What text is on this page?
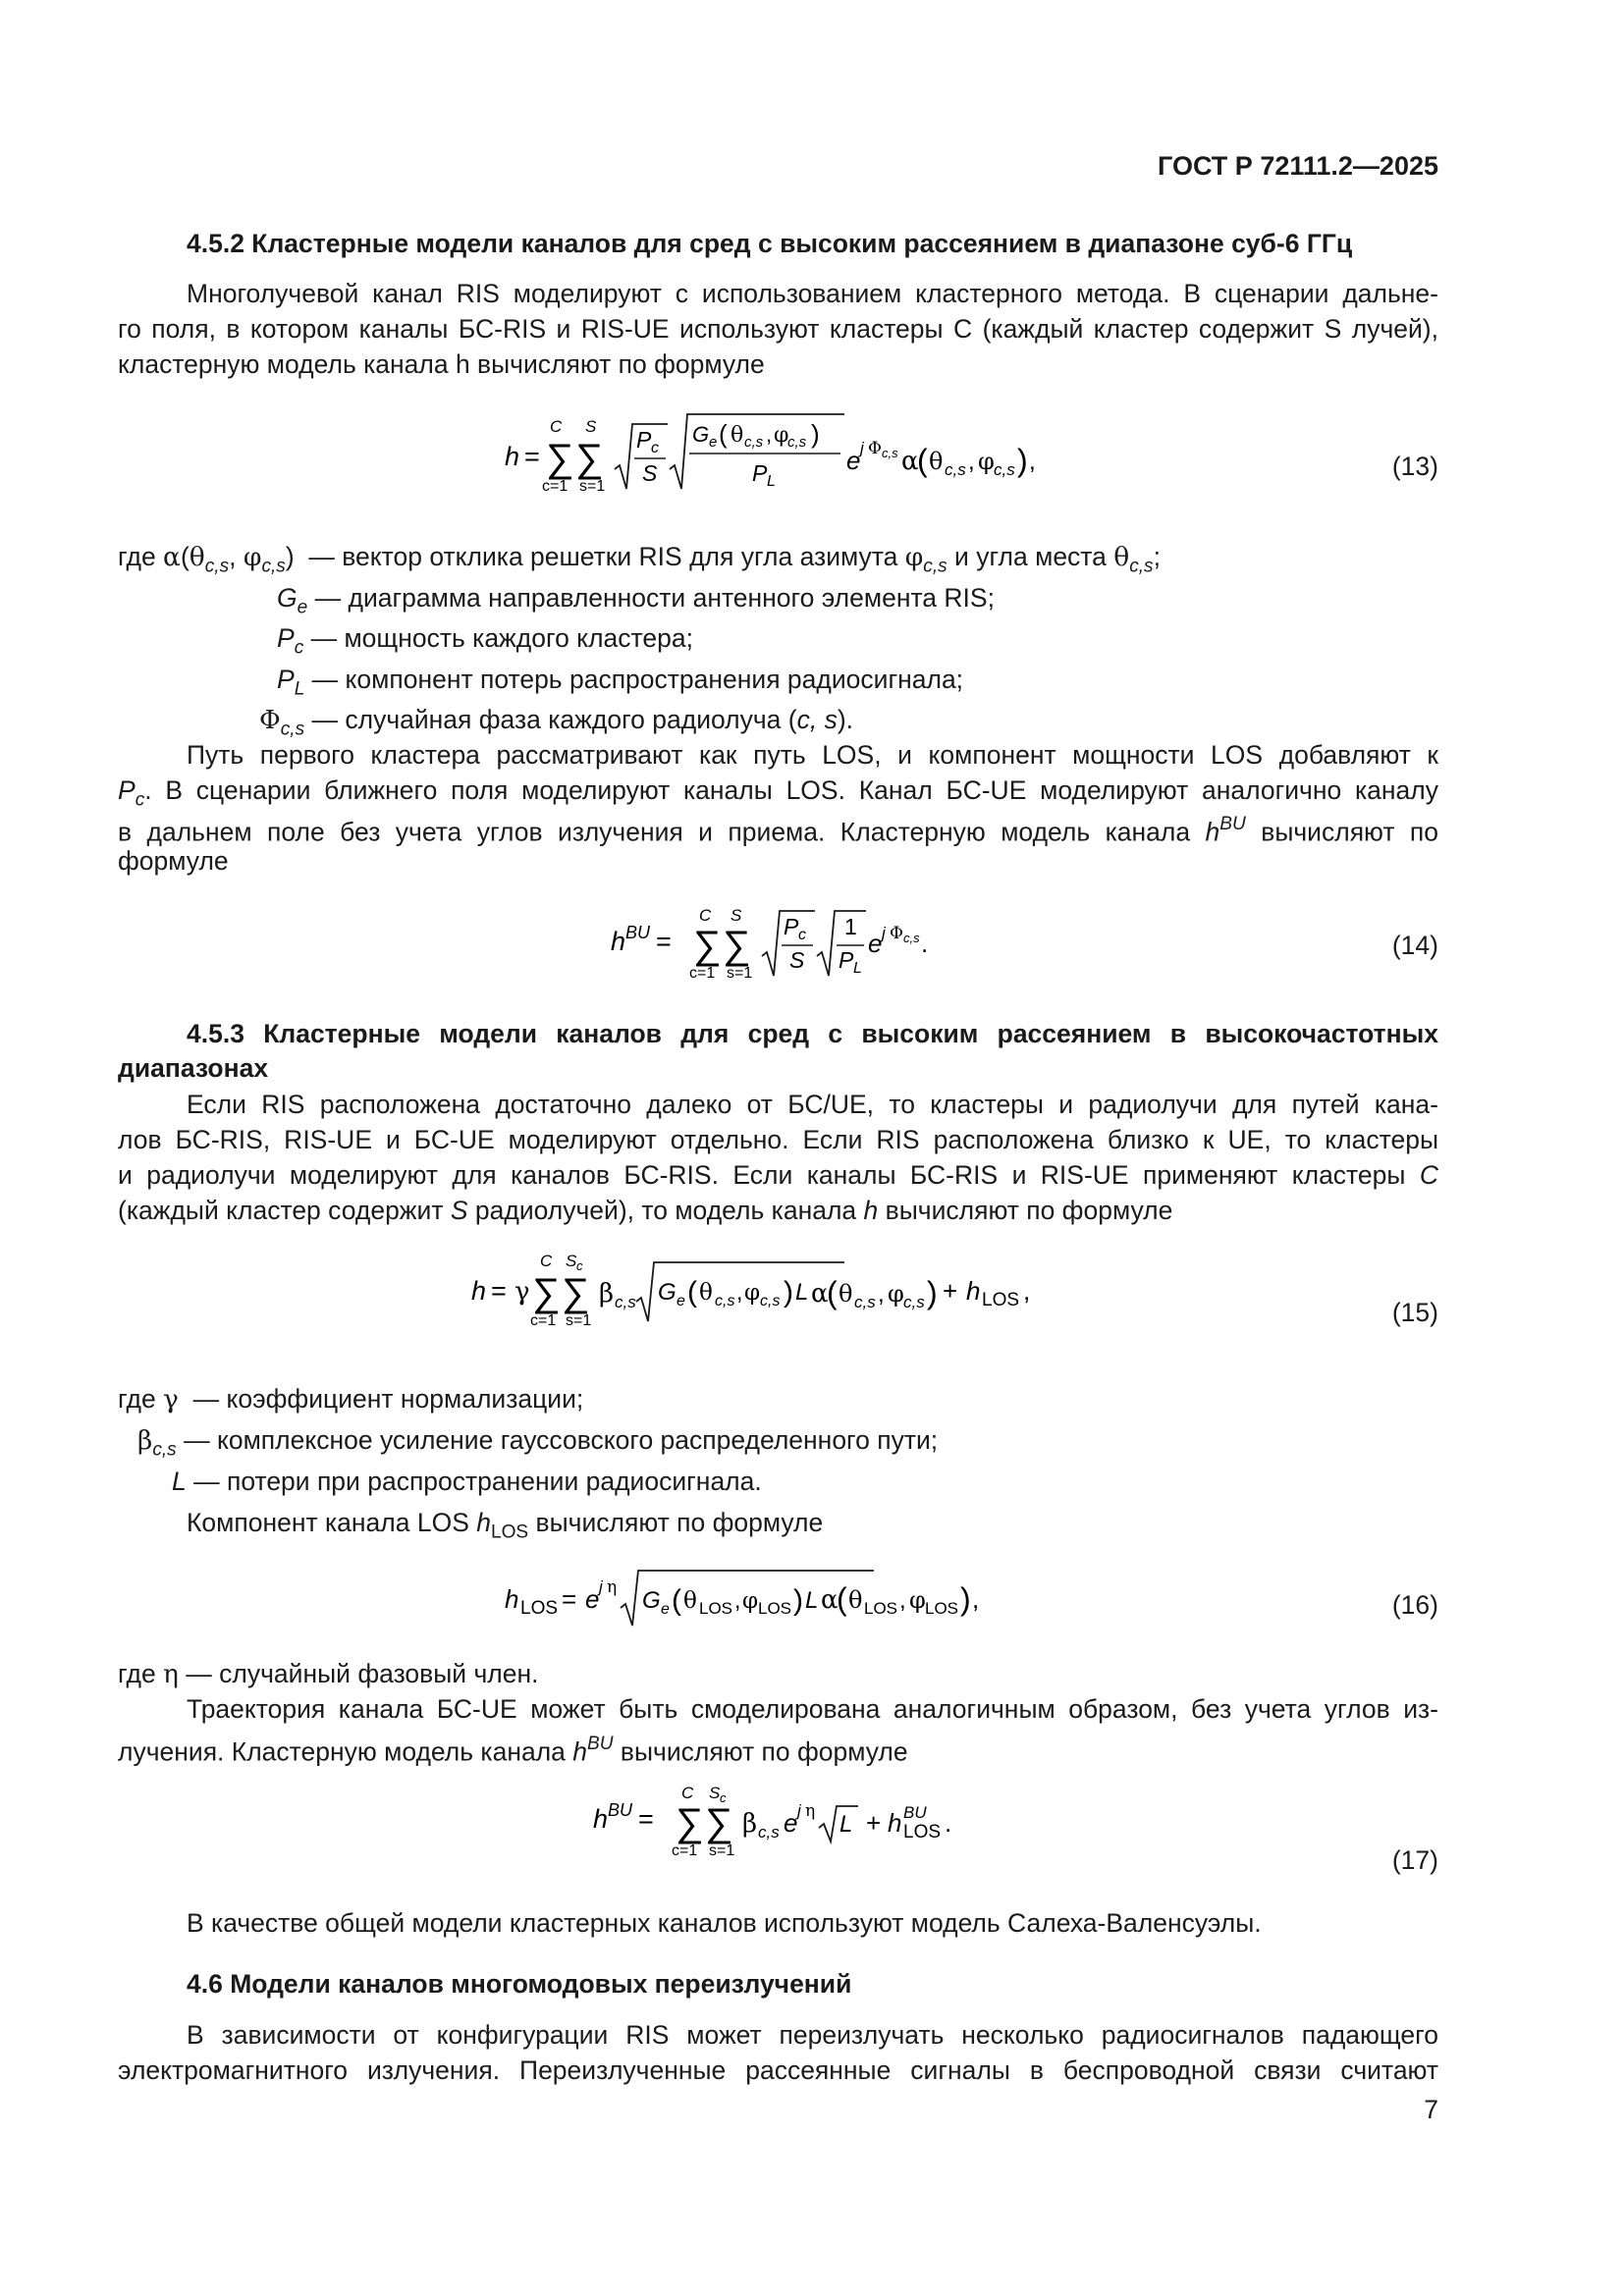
ГОСТ Р 72111.2—2025
4.5.2 Кластерные модели каналов для сред с высоким рассеянием в диапазоне суб-6 ГГц
Многолучевой канал RIS моделируют с использованием кластерного метода. В сценарии дальне-
го поля, в котором каналы БС-RIS и RIS-UE используют кластеры C (каждый кластер содержит S лучей),
кластерную модель канала h вычисляют по формуле
h =
C
∑
c=1
S
∑
s=1
P c
S
G e ( θ c,s , φ
c,s )
P L
e j Φ c,s α
( θ c,s , φ c,s ) ,	(13)
где $\alpha(\theta_{c,s}$, $\varphi_{c,s}$)  — вектор отклика решетки RIS для угла азимута $\varphi_{c,s}$ и угла места $\theta_{c,s}$;
$G_e$ — диаграмма направленности антенного элемента RIS;
$P_c$ — мощность каждого кластера;
$P_L$ — компонент потерь распространения радиосигнала;
$\Phi_{c,s}$ — случайная фаза каждого радиолуча (c, s).
Путь первого кластера рассматривают как путь LOS, и компонент мощности LOS добавляют к
$P_c$. В сценарии ближнего поля моделируют каналы LOS. Канал БС-UE моделируют аналогично каналу
в дальнем поле без учета углов излучения и приема. Кластерную модель канала $h^{BU}$ вычисляют по
формуле
h BU =
C
∑
c=1
S
∑
s=1
P c
S
1
P L
e j Φ c,s .	(14)
4.5.3 Кластерные модели каналов для сред с высоким рассеянием в высокочастотных
диапазонах
Если RIS расположена достаточно далеко от БС/UE, то кластеры и радиолучи для путей кана-
лов БС-RIS, RIS-UE и БС-UE моделируют отдельно. Если RIS расположена близко к UE, то кластеры
и радиолучи моделируют для каналов БС-RIS. Если каналы БС-RIS и RIS-UE применяют кластеры C
(каждый кластер содержит S радиолучей), то модель канала h вычисляют по формуле
h = γ
C
∑
c=1
S c
∑
s=1
β c,s G e ( θ c,s , φ c,s ) L α
( θ c,s , φ c,s ) + h LOS ,
(15)
где γ  — коэффициент нормализации;
$\beta_{c,s}$ — комплексное усиление гауссовского распределенного пути;
L — потери при распространении радиосигнала.
Компонент канала LOS $h_{LOS}$ вычисляют по формуле
h LOS = e j η G e ( θ LOS , φ LOS ) L α
( θ LOS , φ LOS ) ,	(16)
где η — случайный фазовый член.
Траектория канала БС-UE может быть смоделирована аналогичным образом, без учета углов из-
лучения. Кластерную модель канала $h^{BU}$ вычисляют по формуле
h BU =
C
∑
c=1
S c
∑
s=1
β c,s e j η L + h BU
LOS .
(17)
В качестве общей модели кластерных каналов используют модель Салеха-Валенсуэлы.
4.6 Модели каналов многомодовых переизлучений
В зависимости от конфигурации RIS может переизлучать несколько радиосигналов падающего
электромагнитного излучения. Переизлученные рассеянные сигналы в беспроводной связи считают
7
